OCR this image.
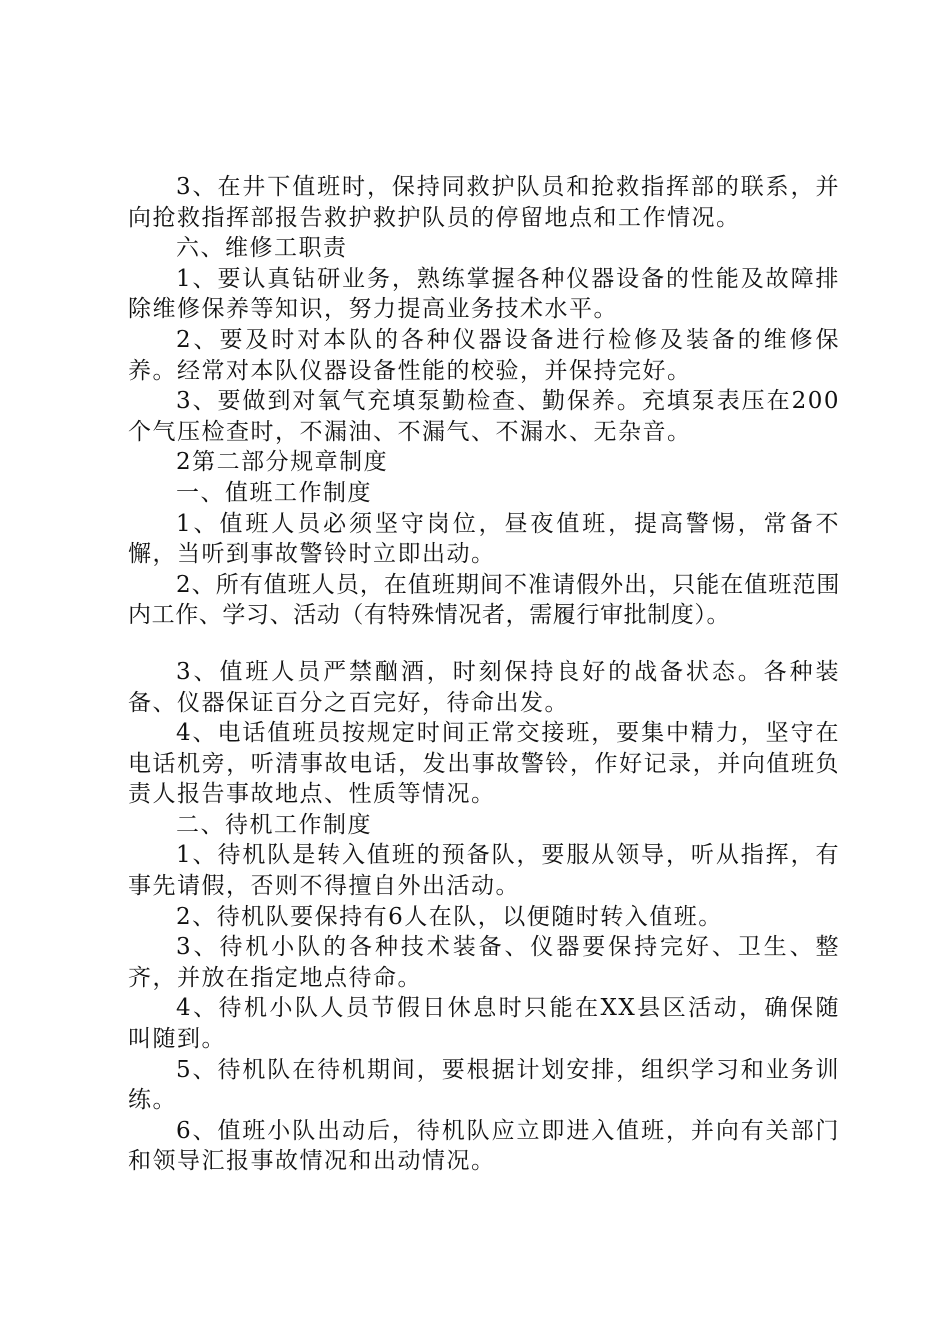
3、在井下值班时，保持同救护队员和抢救指挥部的联系，并向抢救指挥部报告救护救护队员的停留地点和工作情况。

六、维修工职责

1、要认真钻研业务，熟练掌握各种仪器设备的性能及故障排除维修保养等知识，努力提高业务技术水平。

2、要及时对本队的各种仪器设备进行检修及装备的维修保养。经常对本队仪器设备性能的校验，并保持完好。

3、要做到对氧气充填泵勤检查、勤保养。充填泵表压在200个气压检查时，不漏油、不漏气、不漏水、无杂音。

2第二部分规章制度

一、值班工作制度

1、值班人员必须坚守岗位，昼夜值班，提高警惕，常备不懈，当听到事故警铃时立即出动。

2、所有值班人员，在值班期间不准请假外出，只能在值班范围内工作、学习、活动（有特殊情况者，需履行审批制度）。

3、值班人员严禁酗酒，时刻保持良好的战备状态。各种装备、仪器保证百分之百完好，待命出发。

4、电话值班员按规定时间正常交接班，要集中精力，坚守在电话机旁，听清事故电话，发出事故警铃，作好记录，并向值班负责人报告事故地点、性质等情况。

二、待机工作制度

1、待机队是转入值班的预备队，要服从领导，听从指挥，有事先请假，否则不得擅自外出活动。

2、待机队要保持有6人在队，以便随时转入值班。

3、待机小队的各种技术装备、仪器要保持完好、卫生、整齐，并放在指定地点待命。

4、待机小队人员节假日休息时只能在XX县区活动，确保随叫随到。

5、待机队在待机期间，要根据计划安排，组织学习和业务训练。

6、值班小队出动后，待机队应立即进入值班，并向有关部门和领导汇报事故情况和出动情况。
